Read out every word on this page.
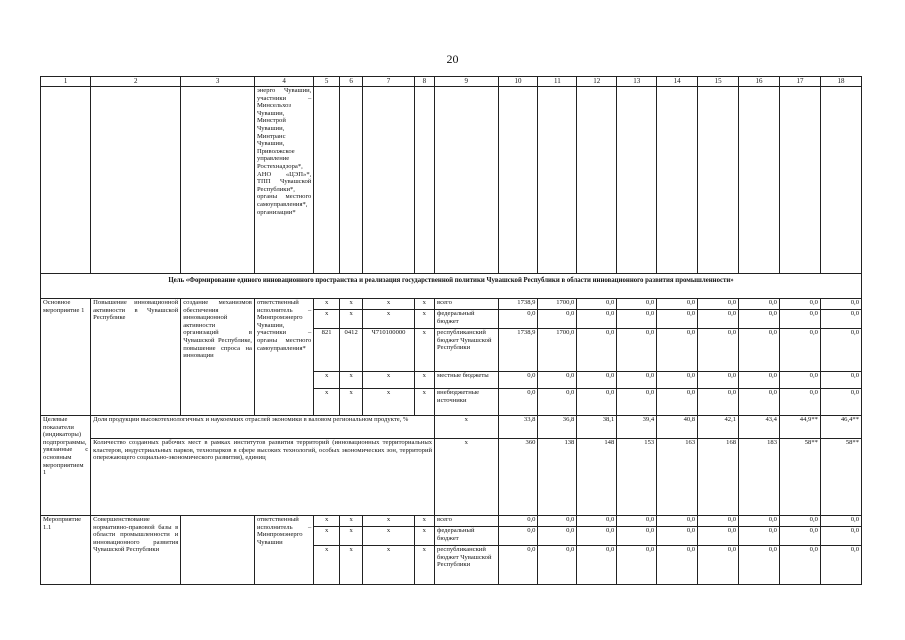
20
1	2	3	4	5	6	7	8	9	10	11	12	13	14	15	16	17	18
			энерго Чувашии, участники – Минсельхоз Чувашии, Минстрой Чувашии, Минтранс Чувашии, Приволжское управление Ростехнадзора*, АНО «ЦЭП»*, ТПП Чувашской Республики*, органы местного самоуправления*, организации*														
Цель «Формирование единого инновационного пространства и реализация государственной политики Чувашской Республики в области инновационного развития промышленности»																	
Основное мероприятие 1	Повышение инновационной активности в Чувашской Республике	создание механизмов обеспечения инновационной активности организаций в Чувашской Республике, повышение спроса на инновации	ответственный исполнитель – Минпромэнерго Чувашии, участники – органы местного самоуправления*	x	x	x	x	всего	1738,9	1700,0	0,0	0,0	0,0	0,0	0,0	0,0	0,0
				x	x	x	x	федеральный бюджет	0,0	0,0	0,0	0,0	0,0	0,0	0,0	0,0	0,0
				821	0412	Ч710100000	x	республиканский бюджет Чувашской Республики	1738,9	1700,0	0,0	0,0	0,0	0,0	0,0	0,0	0,0
				x	x	x	x	местные бюджеты	0,0	0,0	0,0	0,0	0,0	0,0	0,0	0,0	0,0
				x	x	x	x	внебюджетные источники	0,0	0,0	0,0	0,0	0,0	0,0	0,0	0,0	0,0
Целевые показатели (индикаторы) подпрограммы, увязанные с основным мероприятием 1	Доля продукции высокотехнологичных и наукоемких отраслей экономики в валовом региональном продукте, %							x	33,8	36,8	38,1	39,4	40,8	42,1	43,4	44,9**	46,4**
	Количество созданных рабочих мест в рамках институтов развития территорий (инновационных территориальных кластеров, индустриальных парков, технопарков в сфере высоких технологий, особых экономических зон, территорий опережающего социально-экономического развития), единиц							x	360	138	148	153	163	168	183	58**	58**
Мероприятие 1.1	Совершенствование нормативно-правовой базы в области промышленности и инновационного развития Чувашской Республики		ответственный исполнитель – Минпромэнерго Чувашии	x	x	x	x	всего	0,0	0,0	0,0	0,0	0,0	0,0	0,0	0,0	0,0
				x	x	x	x	федеральный бюджет	0,0	0,0	0,0	0,0	0,0	0,0	0,0	0,0	0,0
				x	x	x	x	республиканский бюджет Чувашской Республики	0,0	0,0	0,0	0,0	0,0	0,0	0,0	0,0	0,0
